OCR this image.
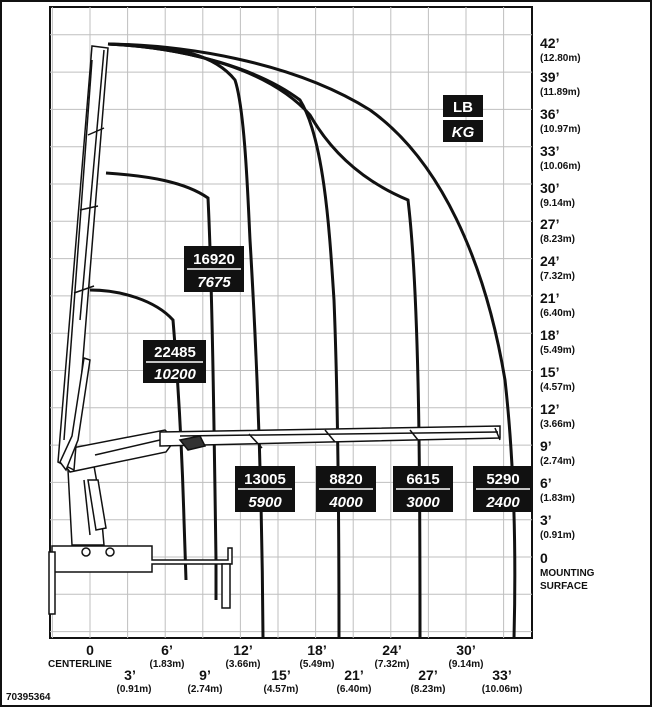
LB
KG
22485
10200
16920
7675
13005
5900
8820
4000
6615
3000
5290
2400
42’
(12.80m)
39’
(11.89m)
36’
(10.97m)
33’
(10.06m)
30’
(9.14m)
27’
(8.23m)
24’
(7.32m)
21’
(6.40m)
18’
(5.49m)
15’
(4.57m)
12’
(3.66m)
9’
(2.74m)
6’
(1.83m)
3’
(0.91m)
0
MOUNTING
SURFACE
0
CENTERLINE
6’
(1.83m)
12’
(3.66m)
18’
(5.49m)
24’
(7.32m)
30’
(9.14m)
3’
(0.91m)
9’
(2.74m)
15’
(4.57m)
21’
(6.40m)
27’
(8.23m)
33’
(10.06m)
70395364
